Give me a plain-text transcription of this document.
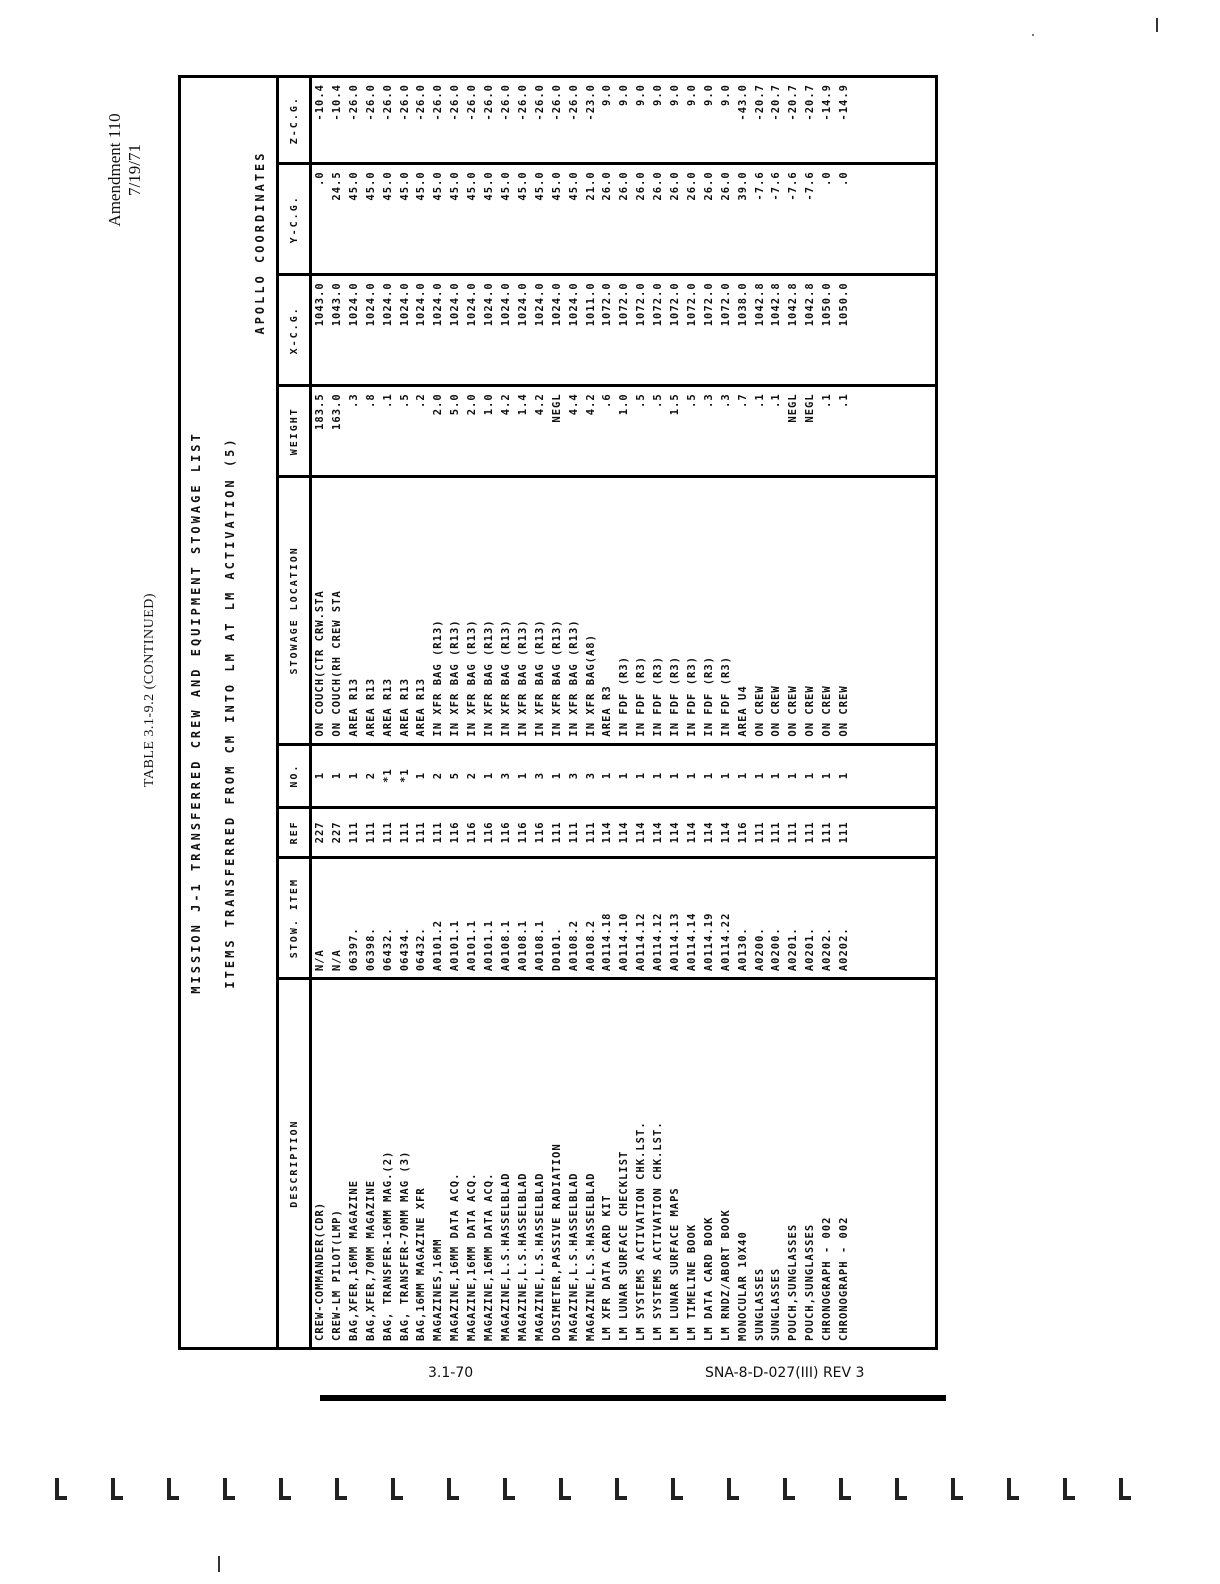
Amendment 110 7/19/71
TABLE 3.1-9.2 (CONTINUED)	MISSION J-1 TRANSFERRED CREW AND EQUIPMENT STOWAGE LIST ITEMS TRANSFERRED FROM CM INTO LM AT LM ACTIVATION (5)
APOLLO COORDINATES
DESCRIPTION	STOW. ITEM	REF	NO.	STOWAGE LOCATION	WEIGHT	X-C.G.	Y-C.G.	Z-C.G.
CREW-COMMANDER(CDR)	N/A	227	1	ON COUCH(CTR CRW.STA	183.5	1043.0	.0	-10.4
CREW-LM PILOT(LMP)	N/A	227	1	ON COUCH(RH CREW STA	163.0	1043.0	24.5	-10.4
BAG,XFER,16MM MAGAZINE	06397.	111	1	AREA R13	.3	1024.0	45.0	-26.0
BAG,XFER,70MM MAGAZINE	06398.	111	2	AREA R13	.8	1024.0	45.0	-26.0
BAG, TRANSFER-16MM MAG.(2)	06432.	111	*1	AREA R13	.1	1024.0	45.0	-26.0
BAG, TRANSFER-70MM MAG (3)	06434.	111	*1	AREA R13	.5	1024.0	45.0	-26.0
BAG,16MM MAGAZINE XFR	06432.	111	1	AREA R13	.2	1024.0	45.0	-26.0
MAGAZINES,16MM	A0101.2	111	2	IN XFR BAG (R13)	2.0	1024.0	45.0	-26.0
MAGAZINE,16MM DATA ACQ.	A0101.1	116	5	IN XFR BAG (R13)	5.0	1024.0	45.0	-26.0
MAGAZINE,16MM DATA ACQ.	A0101.1	116	2	IN XFR BAG (R13)	2.0	1024.0	45.0	-26.0
MAGAZINE,16MM DATA ACQ.	A0101.1	116	1	IN XFR BAG (R13)	1.0	1024.0	45.0	-26.0
MAGAZINE,L.S.HASSELBLAD	A0108.1	116	3	IN XFR BAG (R13)	4.2	1024.0	45.0	-26.0
MAGAZINE,L.S.HASSELBLAD	A0108.1	116	1	IN XFR BAG (R13)	1.4	1024.0	45.0	-26.0
MAGAZINE,L.S.HASSELBLAD	A0108.1	116	3	IN XFR BAG (R13)	4.2	1024.0	45.0	-26.0
DOSIMETER,PASSIVE RADIATION	D0101.	111	1	IN XFR BAG (R13)	NEGL	1024.0	45.0	-26.0
MAGAZINE,L.S.HASSELBLAD	A0108.2	111	3	IN XFR BAG (R13)	4.4	1024.0	45.0	-26.0
MAGAZINE,L.S.HASSELBLAD	A0108.2	111	3	IN XFR BAG(A8)	4.2	1011.0	21.0	-23.0
LM XFR DATA CARD KIT	A0114.18	114	1	AREA R3	.6	1072.0	26.0	9.0
LM LUNAR SURFACE CHECKLIST	A0114.10	114	1	IN FDF (R3)	1.0	1072.0	26.0	9.0
LM SYSTEMS ACTIVATION CHK.LST.	A0114.12	114	1	IN FDF (R3)	.5	1072.0	26.0	9.0
LM SYSTEMS ACTIVATION CHK.LST.	A0114.12	114	1	IN FDF (R3)	.5	1072.0	26.0	9.0
LM LUNAR SURFACE MAPS	A0114.13	114	1	IN FDF (R3)	1.5	1072.0	26.0	9.0
LM TIMELINE BOOK	A0114.14	114	1	IN FDF (R3)	.5	1072.0	26.0	9.0
LM DATA CARD BOOK	A0114.19	114	1	IN FDF (R3)	.3	1072.0	26.0	9.0
LM RNDZ/ABORT BOOK	A0114.22	114	1	IN FDF (R3)	.3	1072.0	26.0	9.0
MONOCULAR 10X40	A0130.	116	1	AREA U4	.7	1038.0	39.0	-43.0
SUNGLASSES	A0200.	111	1	ON CREW	.1	1042.8	-7.6	-20.7
SUNGLASSES	A0200.	111	1	ON CREW	.1	1042.8	-7.6	-20.7
POUCH,SUNGLASSES	A0201.	111	1	ON CREW	NEGL	1042.8	-7.6	-20.7
POUCH,SUNGLASSES	A0201.	111	1	ON CREW	NEGL	1042.8	-7.6	-20.7
CHRONOGRAPH - 002	A0202.	111	1	ON CREW	.1	1050.0	.0	-14.9
CHRONOGRAPH - 002	A0202.	111	1	ON CREW	.1	1050.0	.0	-14.9

3.1-70	SNA-8-D-027(III) REV 3
